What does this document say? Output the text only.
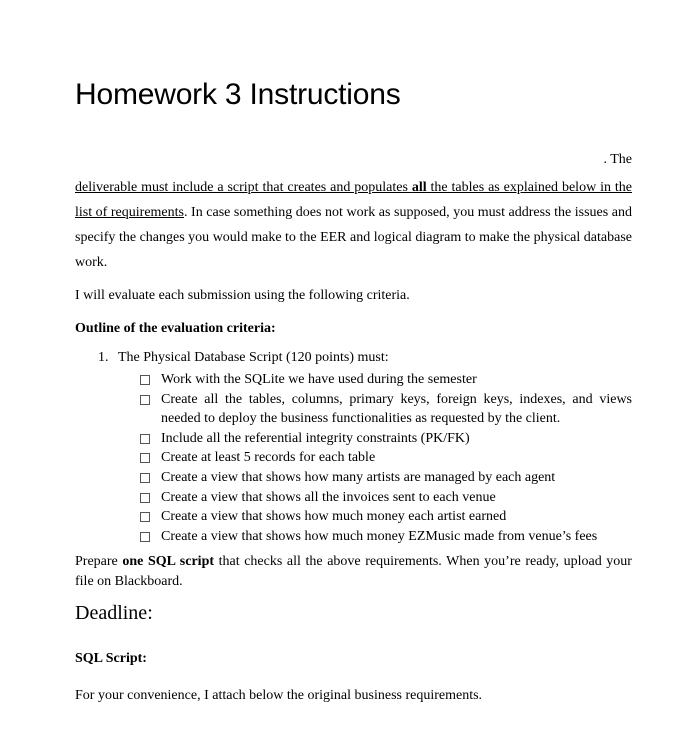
Homework 3 Instructions
. The
deliverable must include a script that creates and populates all the tables as explained below in the list of requirements. In case something does not work as supposed, you must address the issues and specify the changes you would make to the EER and logical diagram to make the physical database work.
I will evaluate each submission using the following criteria.
Outline of the evaluation criteria:
1. The Physical Database Script (120 points) must:
Work with the SQLite we have used during the semester
Create all the tables, columns, primary keys, foreign keys, indexes, and views needed to deploy the business functionalities as requested by the client.
Include all the referential integrity constraints (PK/FK)
Create at least 5 records for each table
Create a view that shows how many artists are managed by each agent
Create a view that shows all the invoices sent to each venue
Create a view that shows how much money each artist earned
Create a view that shows how much money EZMusic made from venue’s fees
Prepare one SQL script that checks all the above requirements. When you’re ready, upload your file on Blackboard.
Deadline:
SQL Script:
For your convenience, I attach below the original business requirements.
